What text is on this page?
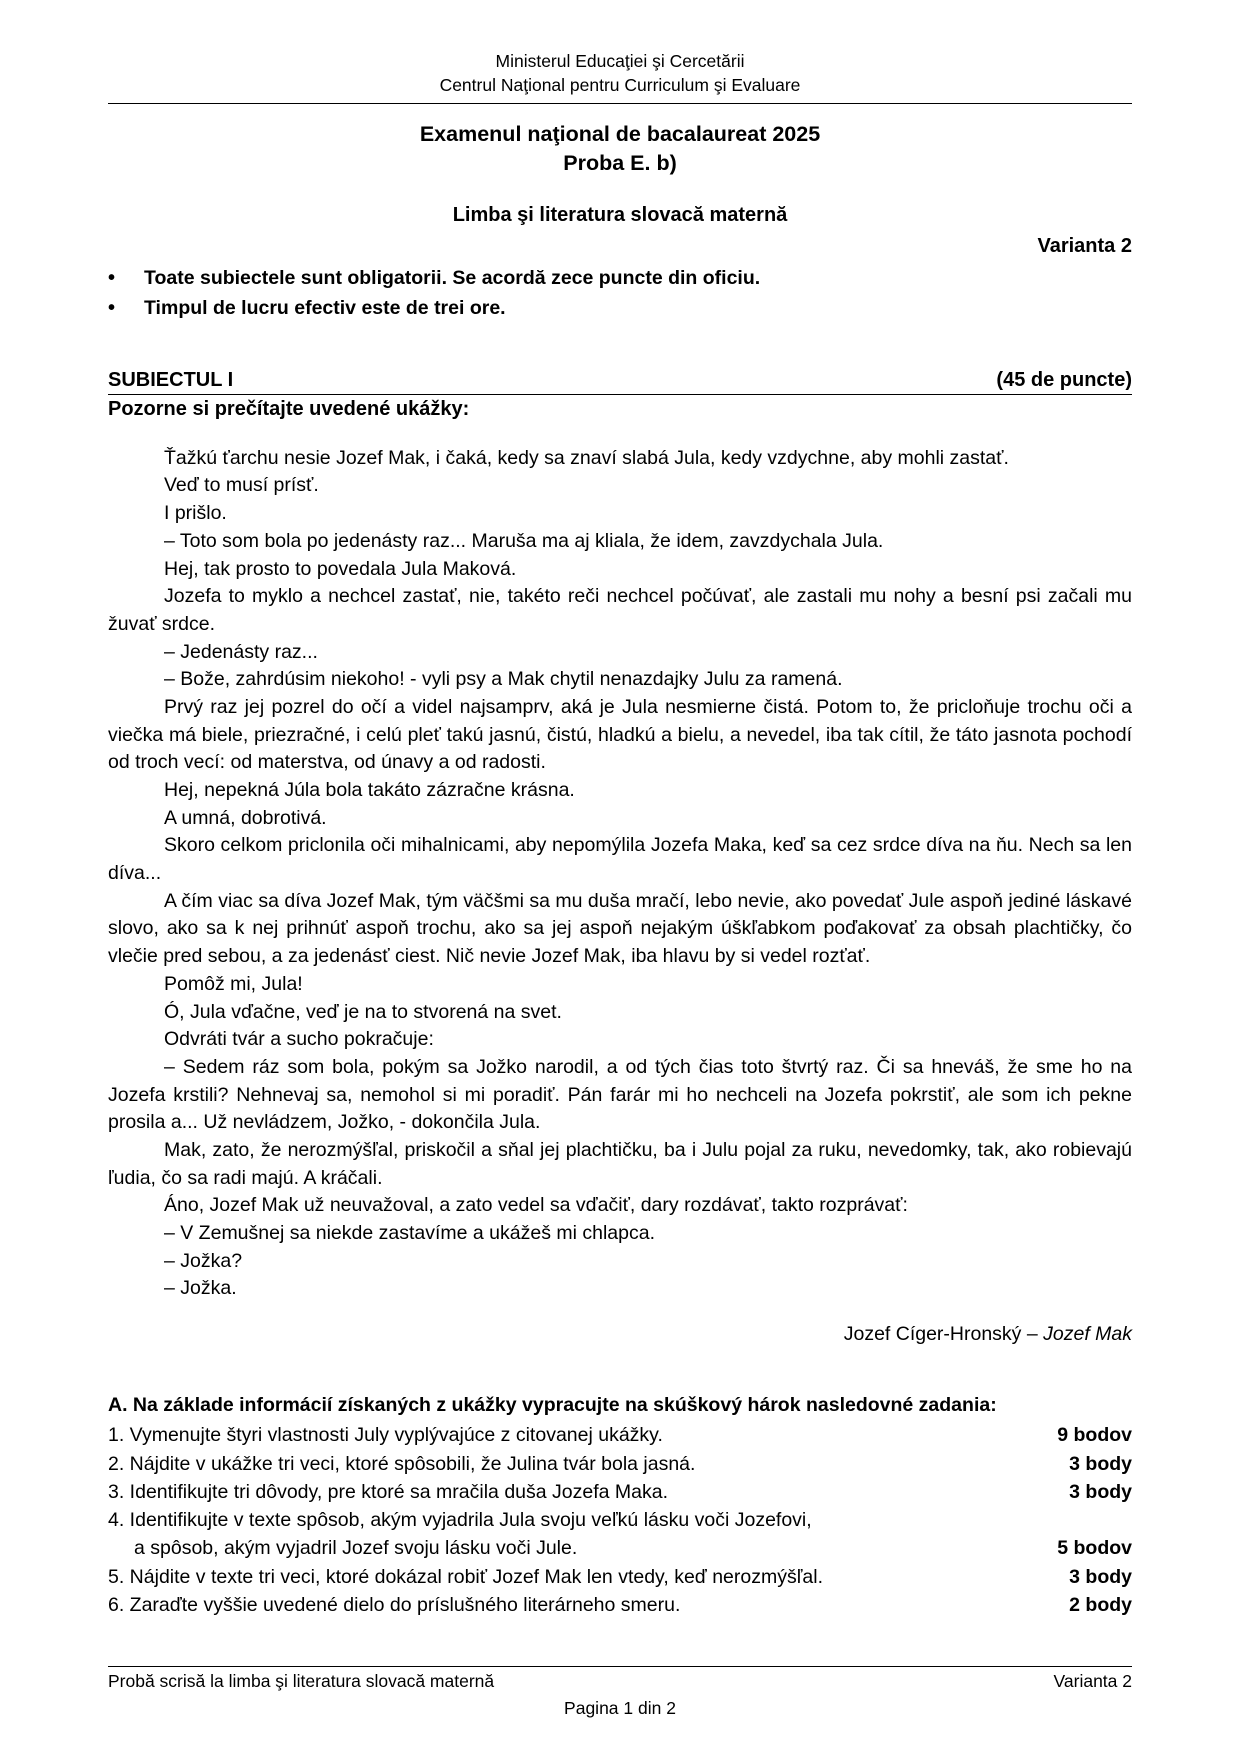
Ministerul Educaţiei şi Cercetării
Centrul Naţional pentru Curriculum şi Evaluare
Examenul naţional de bacalaureat 2025
Proba E. b)
Limba şi literatura slovacă maternă
Varianta 2
• Toate subiectele sunt obligatorii. Se acordă zece puncte din oficiu.
• Timpul de lucru efectiv este de trei ore.
SUBIECTUL I	(45 de puncte)
Pozorne si prečítajte uvedené ukážky:

Ťažkú ťarchu nesie Jozef Mak, i čaká, kedy sa znaví slabá Jula, kedy vzdychne, aby mohli zastať.

Veď to musí prísť.

I prišlo.

– Toto som bola po jedenásty raz... Maruša ma aj kliala, že idem, zavzdychala Jula.

Hej, tak prosto to povedala Jula Maková.

Jozefa to myklo a nechcel zastať, nie, takéto reči nechcel počúvať, ale zastali mu nohy a besní psi začali mu žuvať srdce.

– Jedenásty raz...

– Bože, zahrdúsim niekoho! - vyli psy a Mak chytil nenazdajky Julu za ramená.

Prvý raz jej pozrel do očí a videl najsamprv, aká je Jula nesmierne čistá. Potom to, že pricloňuje trochu oči a viečka má biele, priezračné, i celú pleť takú jasnú, čistú, hladkú a bielu, a nevedel, iba tak cítil, že táto jasnota pochodí od troch vecí: od materstva, od únavy a od radosti.

Hej, nepekná Júla bola takáto zázračne krásna.

A umná, dobrotivá.

Skoro celkom priclonila oči mihalnicami, aby nepomýlila Jozefa Maka, keď sa cez srdce díva na ňu. Nech sa len díva...

A čím viac sa díva Jozef Mak, tým väčšmi sa mu duša mračí, lebo nevie, ako povedať Jule aspoň jediné láskavé slovo, ako sa k nej prihnúť aspoň trochu, ako sa jej aspoň nejakým úškľabkom poďakovať za obsah plachtičky, čo vlečie pred sebou, a za jedenásť ciest. Nič nevie Jozef Mak, iba hlavu by si vedel rozťať.

Pomôž mi, Jula!

Ó, Jula vďačne, veď je na to stvorená na svet.

Odvráti tvár a sucho pokračuje:

– Sedem ráz som bola, pokým sa Jožko narodil, a od tých čias toto štvrtý raz. Či sa hneváš, že sme ho na Jozefa krstili? Nehnevaj sa, nemohol si mi poradiť. Pán farár mi ho nechceli na Jozefa pokrstiť, ale som ich pekne prosila a... Už nevládzem, Jožko, - dokončila Jula.

Mak, zato, že nerozmýšľal, priskočil a sňal jej plachtičku, ba i Julu pojal za ruku, nevedomky, tak, ako robievajú ľudia, čo sa radi majú. A kráčali.

Áno, Jozef Mak už neuvažoval, a zato vedel sa vďačiť, dary rozdávať, takto rozprávať:

– V Zemušnej sa niekde zastavíme a ukážeš mi chlapca.

– Jožka?

– Jožka.

Jozef Cíger-Hronský – Jozef Mak
A. Na základe informácií získaných z ukážky vypracujte na skúškový hárok nasledovné zadania:
1. Vymenujte štyri vlastnosti July vyplývajúce z citovanej ukážky.	9 bodov
2. Nájdite v ukážke tri veci, ktoré spôsobili, že Julina tvár bola jasná.	3 body
3. Identifikujte tri dôvody, pre ktoré sa mračila duša Jozefa Maka.	3 body
4. Identifikujte v texte spôsob, akým vyjadrila Jula svoju veľkú lásku voči Jozefovi,
a spôsob, akým vyjadril Jozef svoju lásku voči Jule.	5 bodov
5. Nájdite v texte tri veci, ktoré dokázal robiť Jozef Mak len vtedy, keď nerozmýšľal.	3 body
6. Zaraďte vyššie uvedené dielo do príslušného literárneho smeru.	2 body
Probă scrisă la limba şi literatura slovacă maternă	Varianta 2
Pagina 1 din 2
